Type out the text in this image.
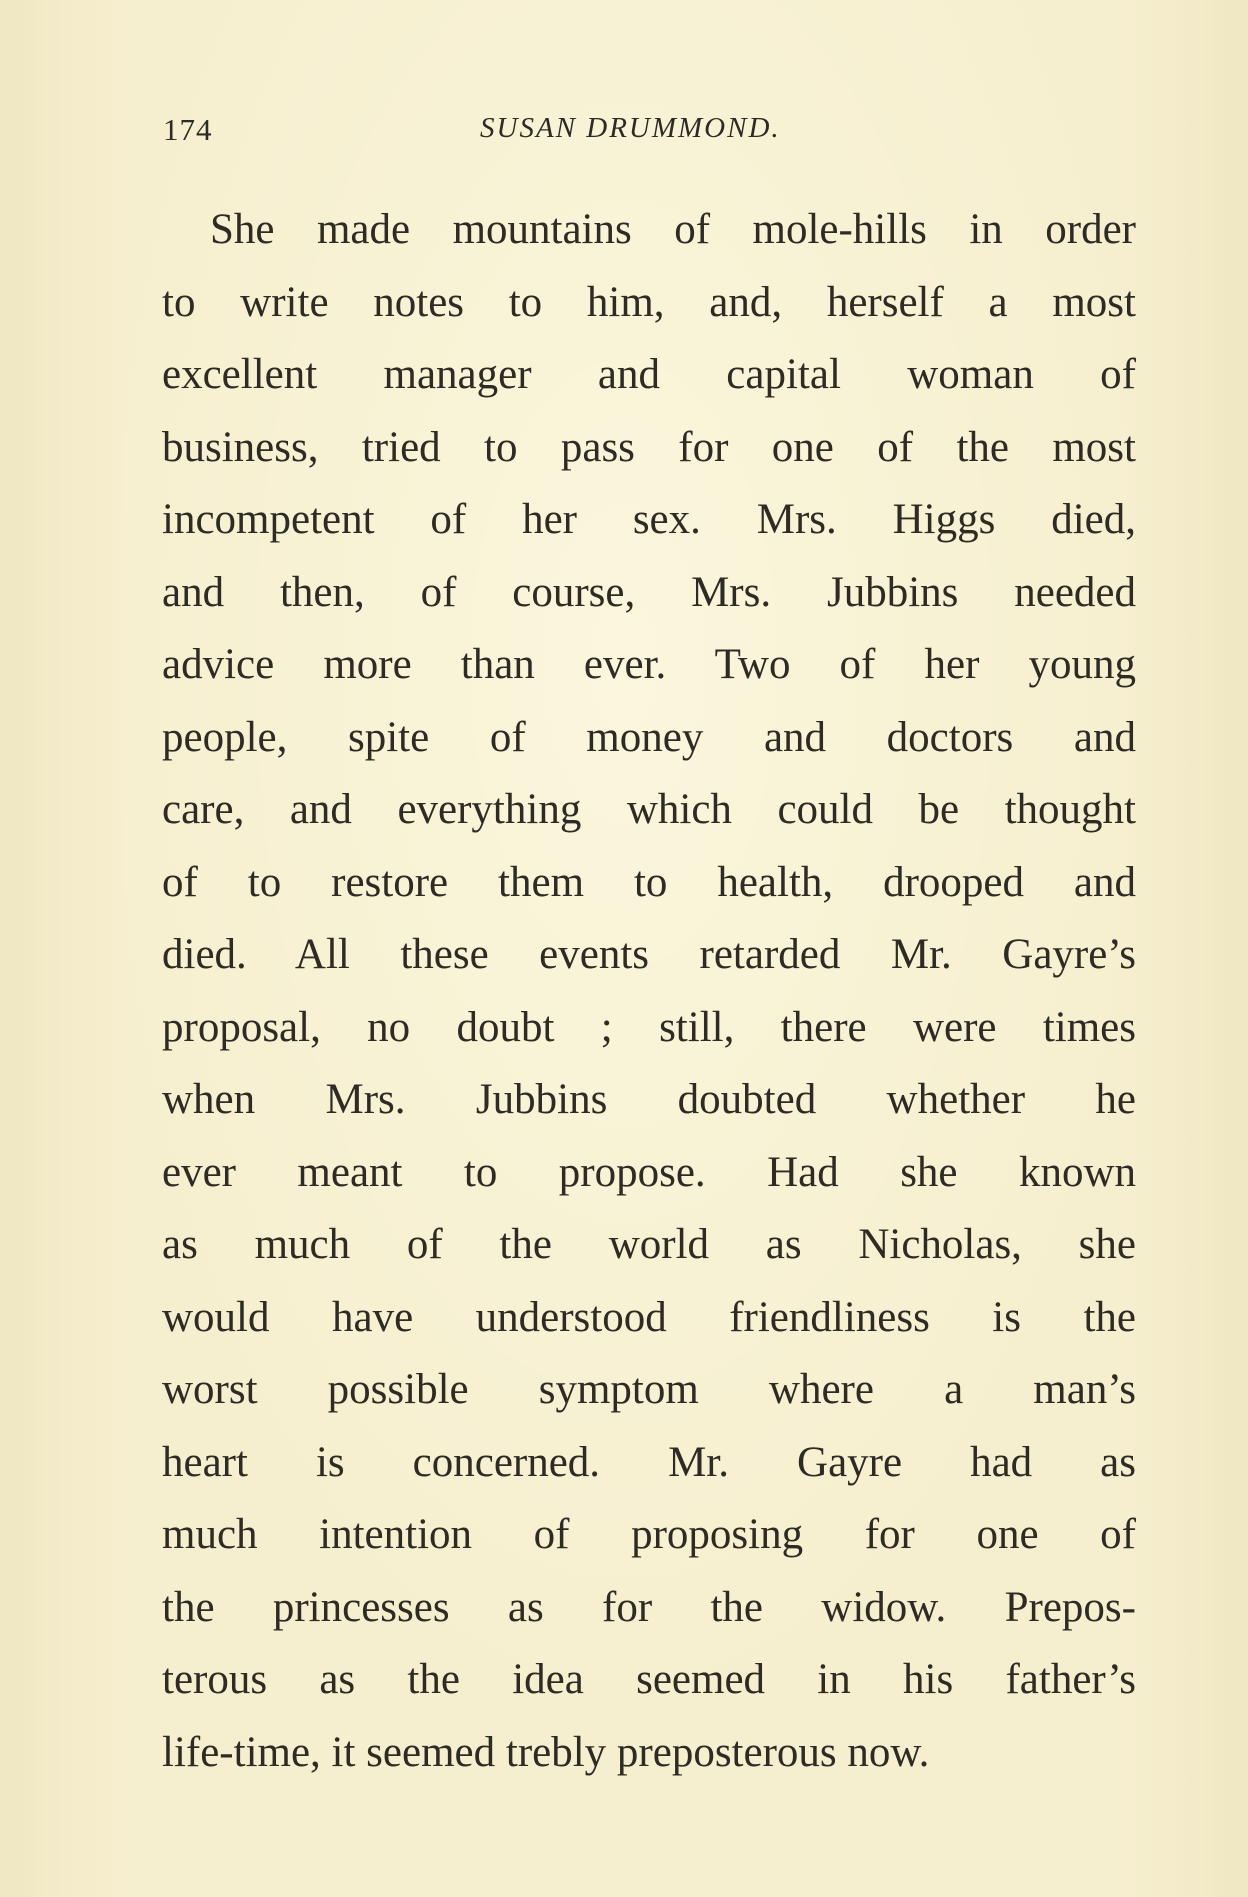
174	SUSAN DRUMMOND.
She made mountains of mole-hills in order
to write notes to him, and, herself a most
excellent manager and capital woman of
business, tried to pass for one of the most
incompetent of her sex. Mrs. Higgs died,
and then, of course, Mrs. Jubbins needed
advice more than ever. Two of her young
people, spite of money and doctors and
care, and everything which could be thought
of to restore them to health, drooped and
died. All these events retarded Mr. Gayre’s
proposal, no doubt ; still, there were times
when Mrs. Jubbins doubted whether he
ever meant to propose. Had she known
as much of the world as Nicholas, she
would have understood friendliness is the
worst possible symptom where a man’s
heart is concerned. Mr. Gayre had as
much intention of proposing for one of
the princesses as for the widow. Prepos-
terous as the idea seemed in his father’s
life-time, it seemed trebly preposterous now.
